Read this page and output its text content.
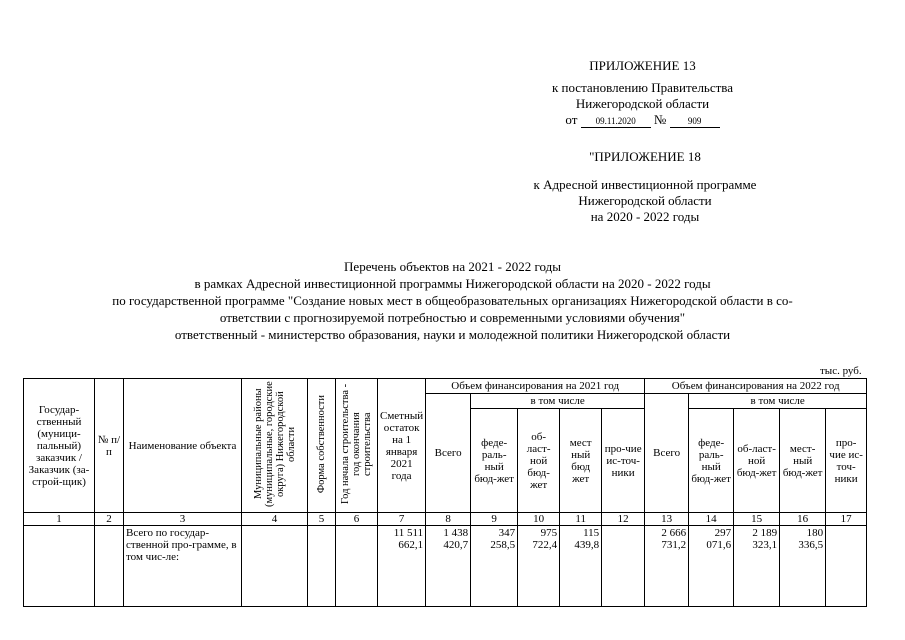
ПРИЛОЖЕНИЕ 13
к постановлению Правительства
Нижегородской области
от 09.11.2020 № 909
"ПРИЛОЖЕНИЕ 18
к Адресной инвестиционной программе
Нижегородской области
на 2020 - 2022 годы
Перечень объектов на 2021 - 2022 годы
в рамках Адресной инвестиционной программы Нижегородской области на 2020 - 2022 годы
по государственной программе "Создание новых мест в общеобразовательных организациях Нижегородской области в со-
ответствии с прогнозируемой потребностью и современными условиями обучения"
ответственный - министерство образования, науки и молодежной политики Нижегородской области
тыс. руб.
Государ-ственный (муници-пальный) заказчик / Заказчик (за-строй-щик)	№ п/п	Наименование объекта	Муниципальные районы (муниципальные, городские округа) Нижегородской области	Форма собственности	Год начала строительства - год окончания строительства	Сметный остаток на 1 января 2021 года	Объем финансирования на 2021 год					Объем финансирования на 2022 год				
							Всего	в том числе				Всего	в том числе			
								феде-раль-ный бюд-жет	об-ласт-ной бюд-жет	мест ный бюд жет	про-чие ис-точ-ники		феде-раль-ный бюд-жет	об-ласт-ной бюд-жет	мест-ный бюд-жет	про-чие ис-точ-ники
1	2	3	4	5	6	7	8	9	10	11	12	13	14	15	16	17
		Всего по государ-ственной про-грамме, в том чис-ле:				11 511 662,1	1 438 420,7	347 258,5	975 722,4	115 439,8		2 666 731,2	297 071,6	2 189 323,1	180 336,5	
